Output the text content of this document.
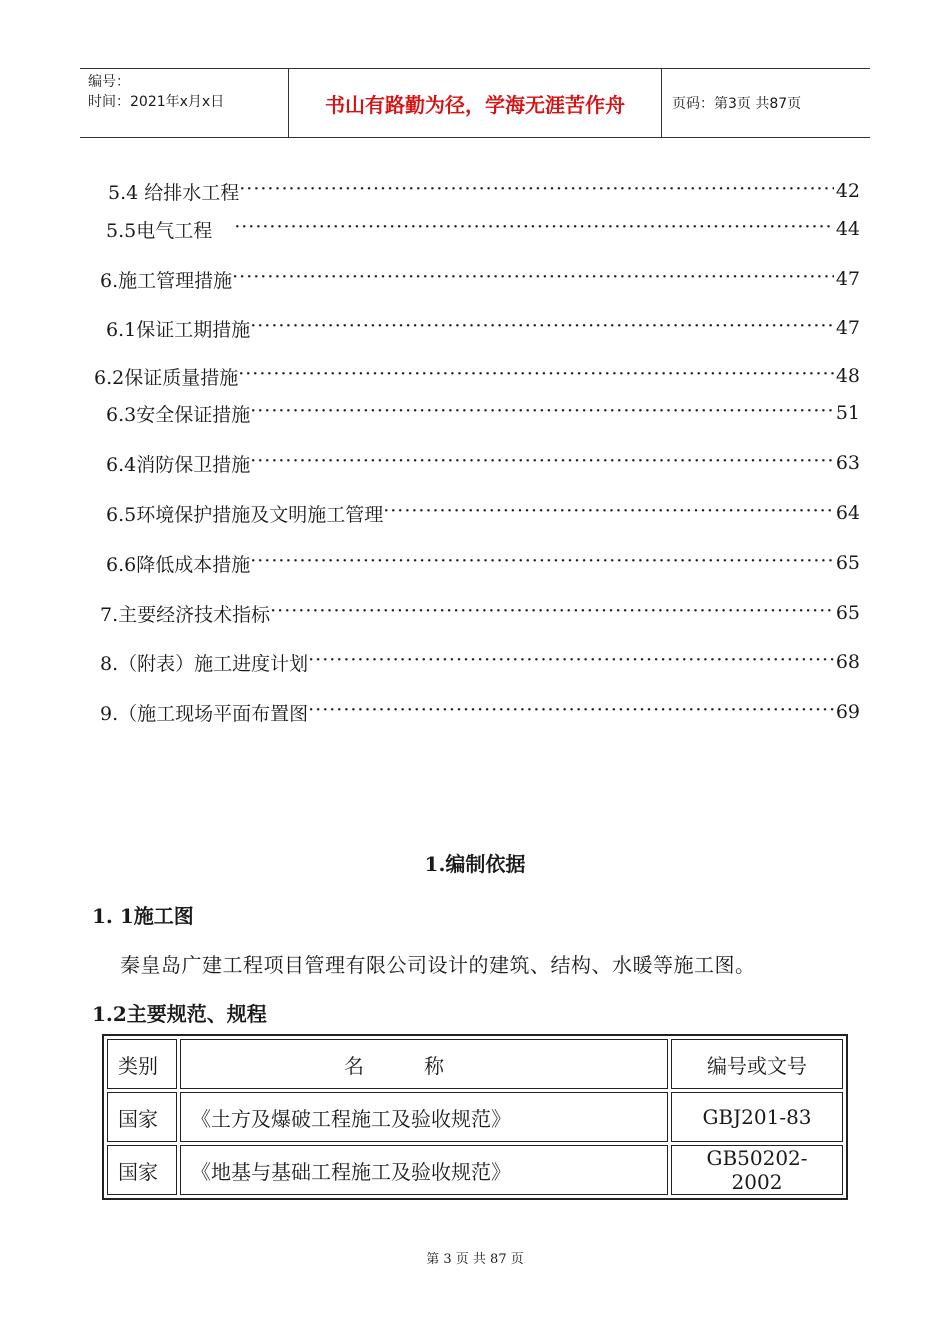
编号：
时间：2021年x月x日	书山有路勤为径，学海无涯苦作舟	页码：第3页 共87页
5.4 给排水工程 ·····	42
5.5电气工程 ·····	44
6.施工管理措施 ·····	47
6.1保证工期措施 ·····	47
6.2保证质量措施 ·····	48
6.3安全保证措施 ·····	51
6.4消防保卫措施 ·····	63
6.5环境保护措施及文明施工管理 ·····	64
6.6降低成本措施 ·····	65
7.主要经济技术指标 ·····	65
8.（附表）施工进度计划 ·····	68
9.（施工现场平面布置图 ·····	69
1.编制依据
1. 1施工图
秦皇岛广建工程项目管理有限公司设计的建筑、结构、水暖等施工图。
1.2主要规范、规程
类别	名称	编号或文号
国家	《土方及爆破工程施工及验收规范》	GBJ201-83
国家	《地基与基础工程施工及验收规范》	GB50202-2002
第 3 页 共 87 页
